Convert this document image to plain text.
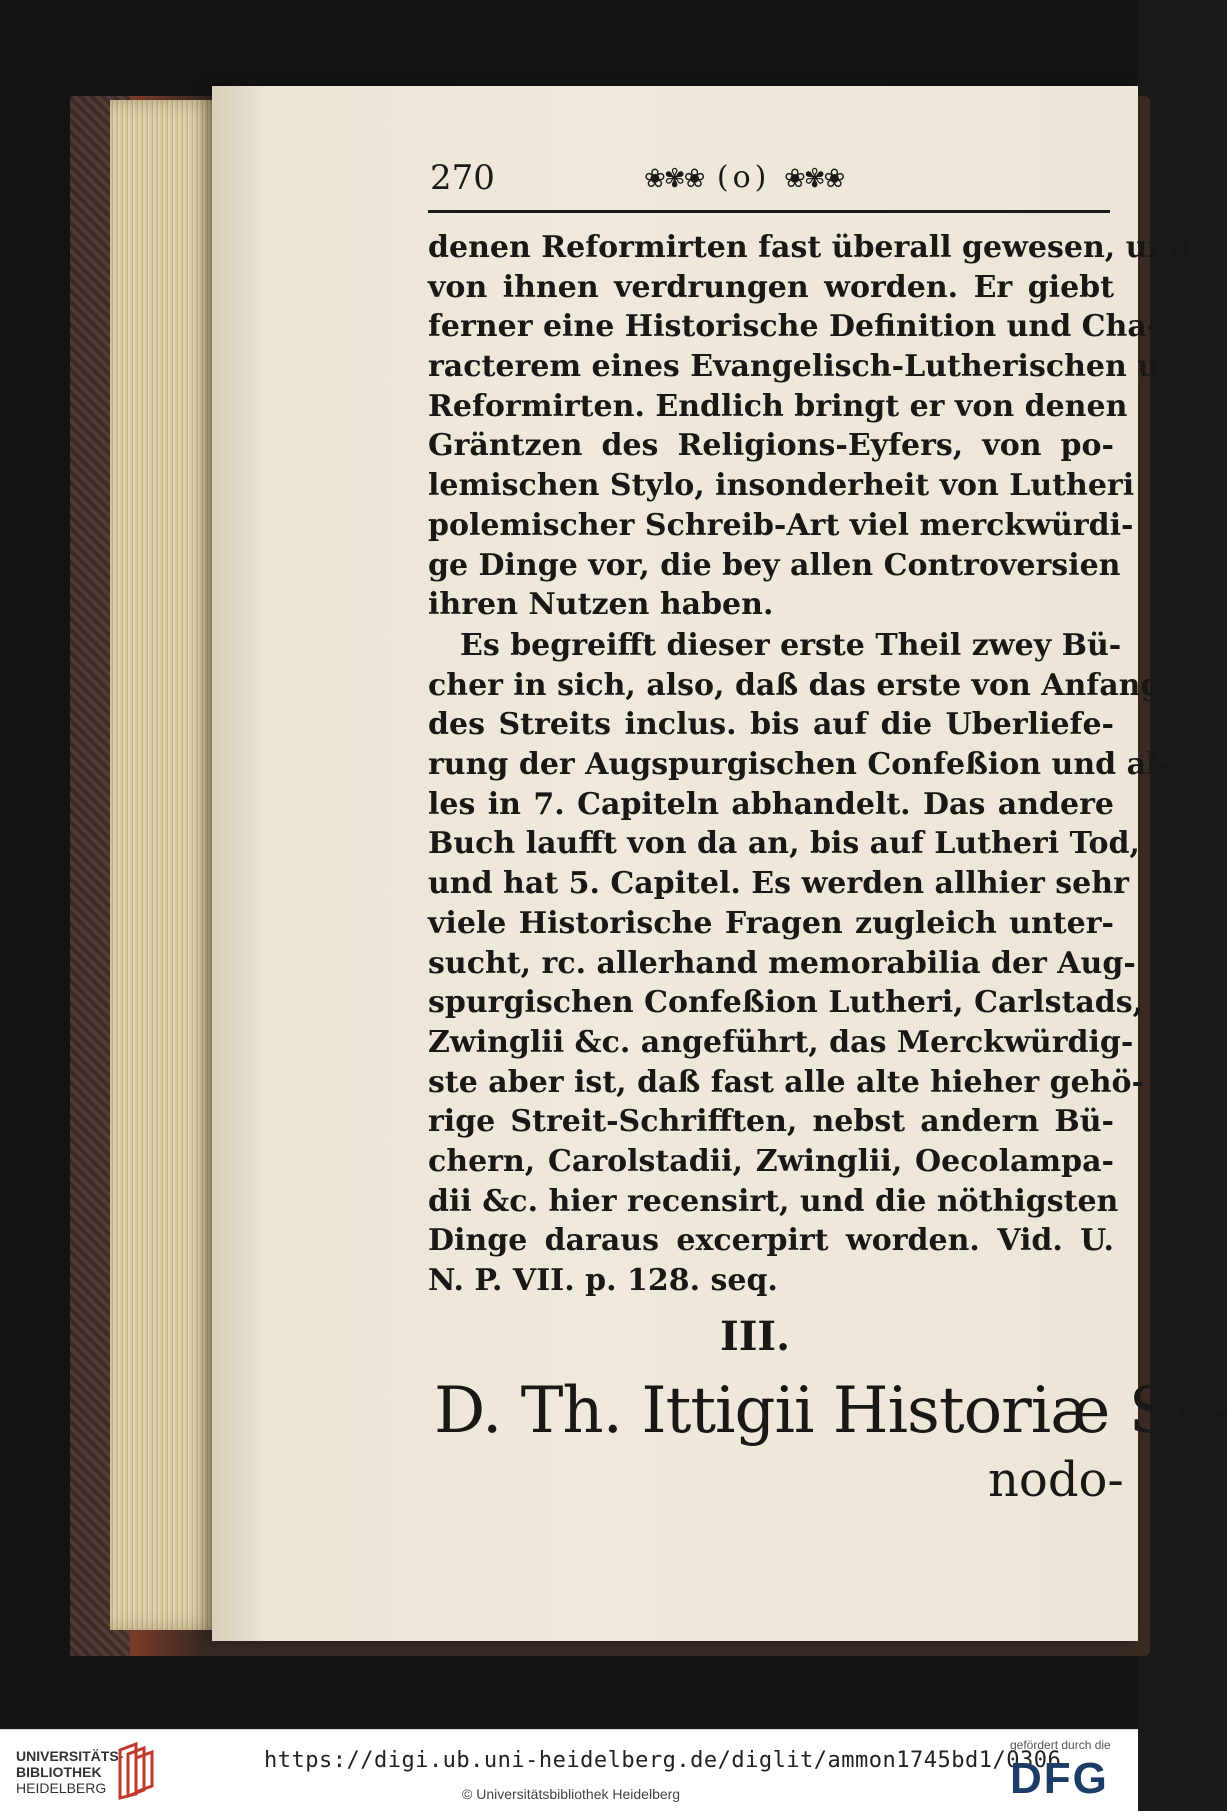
270	❀✾❀ (o) ❀✾❀
denen Reformirten fast überall gewesen, und
von ihnen verdrungen worden. Er giebt
ferner eine Historische Definition und Cha-
racterem eines Evangelisch-Lutherischen und
Reformirten. Endlich bringt er von denen
Gräntzen des Religions-Eyfers, von po-
lemischen Stylo, insonderheit von Lutheri
polemischer Schreib-Art viel merckwürdi-
ge Dinge vor, die bey allen Controversien
ihren Nutzen haben.
Es begreifft dieser erste Theil zwey Bü-
cher in sich, also, daß das erste von Anfang
des Streits inclus. bis auf die Uberliefe-
rung der Augspurgischen Confeßion und al-
les in 7. Capiteln abhandelt. Das andere
Buch laufft von da an, bis auf Lutheri Tod,
und hat 5. Capitel. Es werden allhier sehr
viele Historische Fragen zugleich unter-
sucht, rc. allerhand memorabilia der Aug-
spurgischen Confeßion Lutheri, Carlstads,
Zwinglii &c. angeführt, das Merckwürdig-
ste aber ist, daß fast alle alte hieher gehö-
rige Streit-Schrifften, nebst andern Bü-
chern, Carolstadii, Zwinglii, Oecolampa-
dii &c. hier recensirt, und die nöthigsten
Dinge daraus excerpirt worden. Vid. U.
N. P. VII. p. 128. seq.
III.
D. Th. Ittigii Historiæ Sy-
nodo-
UNIVERSITÄTS-
BIBLIOTHEK
HEIDELBERG
https://digi.ub.uni-heidelberg.de/diglit/ammon1745bd1/0306
© Universitätsbibliothek Heidelberg
gefördert durch die
DFG
